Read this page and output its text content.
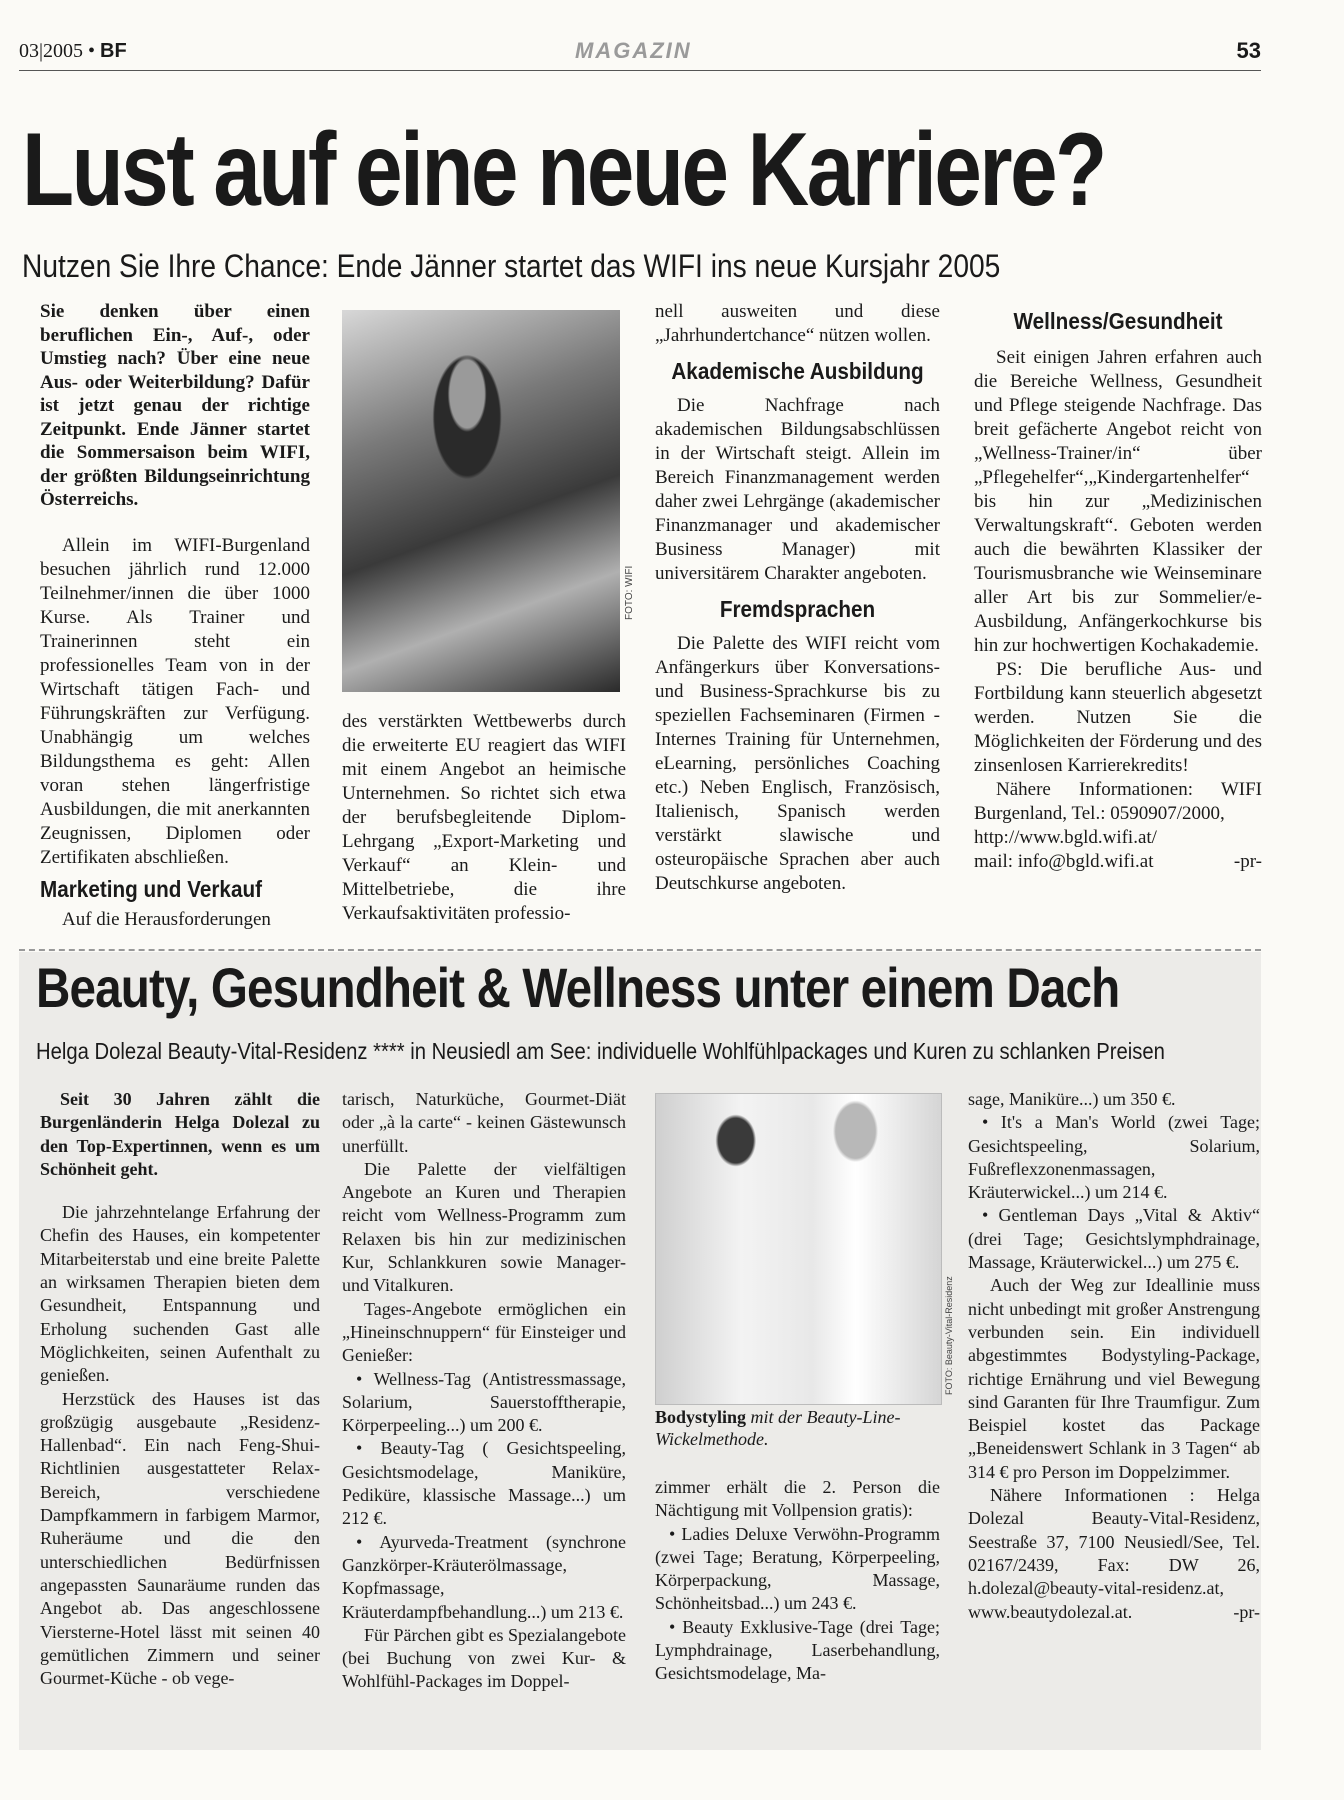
03|2005 • BF	MAGAZIN	53
Lust auf eine neue Karriere?
Nutzen Sie Ihre Chance: Ende Jänner startet das WIFI ins neue Kursjahr 2005

Sie denken über einen beruflichen Ein-, Auf-, oder Umstieg nach? Über eine neue Aus- oder Weiterbildung? Dafür ist jetzt genau der richtige Zeitpunkt. Ende Jänner startet die Sommersaison beim WIFI, der größten Bildungseinrichtung Österreichs.

Allein im WIFI-Burgenland besuchen jährlich rund 12.000 Teilnehmer/innen die über 1000 Kurse. Als Trainer und Trainerinnen steht ein professionelles Team von in der Wirtschaft tätigen Fach- und Führungskräften zur Verfügung. Unabhängig um welches Bildungsthema es geht: Allen voran stehen längerfristige Ausbildungen, die mit anerkannten Zeugnissen, Diplomen oder Zertifikaten abschließen.

Marketing und Verkauf

Auf die Herausforderungen

FOTO: WIFI

des verstärkten Wettbewerbs durch die erweiterte EU reagiert das WIFI mit einem Angebot an heimische Unternehmen. So richtet sich etwa der berufsbegleitende Diplom-Lehrgang „Export-Marketing und Verkauf“ an Klein- und Mittelbetriebe, die ihre Verkaufsaktivitäten professio-

nell ausweiten und diese „Jahrhundertchance“ nützen wollen.

Akademische Ausbildung

Die Nachfrage nach akademischen Bildungsabschlüssen in der Wirtschaft steigt. Allein im Bereich Finanzmanagement werden daher zwei Lehrgänge (akademischer Finanzmanager und akademischer Business Manager) mit universitärem Charakter angeboten.

Fremdsprachen

Die Palette des WIFI reicht vom Anfängerkurs über Konversations- und Business-Sprachkurse bis zu speziellen Fachseminaren (Firmen -Internes Training für Unternehmen, eLearning, persönliches Coaching etc.) Neben Englisch, Französisch, Italienisch, Spanisch werden verstärkt slawische und osteuropäische Sprachen aber auch Deutschkurse angeboten.

Wellness/Gesundheit

Seit einigen Jahren erfahren auch die Bereiche Wellness, Gesundheit und Pflege steigende Nachfrage. Das breit gefächerte Angebot reicht von „Wellness-Trainer/in“ über „Pflegehelfer“,„Kindergartenhelfer“ bis hin zur „Medizinischen Verwaltungskraft“. Geboten werden auch die bewährten Klassiker der Tourismusbranche wie Weinseminare aller Art bis zur Sommelier/e-Ausbildung, Anfängerkochkurse bis hin zur hochwertigen Kochakademie.

PS: Die berufliche Aus- und Fortbildung kann steuerlich abgesetzt werden. Nutzen Sie die Möglichkeiten der Förderung und des zinsenlosen Karrierekredits!

Nähere Informationen: WIFI Burgenland, Tel.: 0590907/2000,

http://www.bgld.wifi.at/

mail: info@bgld.wifi.at	-pr-

Beauty, Gesundheit & Wellness unter einem Dach
Helga Dolezal Beauty-Vital-Residenz **** in Neusiedl am See: individuelle Wohlfühlpackages und Kuren zu schlanken Preisen

Seit 30 Jahren zählt die Burgenländerin Helga Dolezal zu den Top-Expertinnen, wenn es um Schönheit geht.

Die jahrzehntelange Erfahrung der Chefin des Hauses, ein kompetenter Mitarbeiterstab und eine breite Palette an wirksamen Therapien bieten dem Gesundheit, Entspannung und Erholung suchenden Gast alle Möglichkeiten, seinen Aufenthalt zu genießen.

Herzstück des Hauses ist das großzügig ausgebaute „Residenz-Hallenbad“. Ein nach Feng-Shui-Richtlinien ausgestatteter Relax-Bereich, verschiedene Dampfkammern in farbigem Marmor, Ruheräume und die den unterschiedlichen Bedürfnissen angepassten Saunaräume runden das Angebot ab. Das angeschlossene Viersterne-Hotel lässt mit seinen 40 gemütlichen Zimmern und seiner Gourmet-Küche - ob vege-

tarisch, Naturküche, Gourmet-Diät oder „à la carte“ - keinen Gästewunsch unerfüllt.

Die Palette der vielfältigen Angebote an Kuren und Therapien reicht vom Wellness-Programm zum Relaxen bis hin zur medizinischen Kur, Schlankkuren sowie Manager- und Vitalkuren.

Tages-Angebote ermöglichen ein „Hineinschnuppern“ für Einsteiger und Genießer:

• Wellness-Tag (Antistressmassage, Solarium, Sauerstofftherapie, Körperpeeling...) um 200 €.

• Beauty-Tag ( Gesichtspeeling, Gesichtsmodelage, Maniküre, Pediküre, klassische Massage...) um 212 €.

• Ayurveda-Treatment (synchrone Ganzkörper-Kräuterölmassage, Kopfmassage, Kräuterdampfbehandlung...) um 213 €.

Für Pärchen gibt es Spezialangebote (bei Buchung von zwei Kur- & Wohlfühl-Packages im Doppel-

FOTO: Beauty-Vital-Residenz
Bodystyling mit der Beauty-Line-Wickelmethode.

zimmer erhält die 2. Person die Nächtigung mit Vollpension gratis):

• Ladies Deluxe Verwöhn-Programm (zwei Tage; Beratung, Körperpeeling, Körperpackung, Massage, Schönheitsbad...) um 243 €.

• Beauty Exklusive-Tage (drei Tage; Lymphdrainage, Laserbehandlung, Gesichtsmodelage, Ma-

sage, Maniküre...) um 350 €.

• It's a Man's World (zwei Tage; Gesichtspeeling, Solarium, Fußreflexzonenmassagen, Kräuterwickel...) um 214 €.

• Gentleman Days „Vital & Aktiv“ (drei Tage; Gesichtslymphdrainage, Massage, Kräuterwickel...) um 275 €.

Auch der Weg zur Ideallinie muss nicht unbedingt mit großer Anstrengung verbunden sein. Ein individuell abgestimmtes Bodystyling-Package, richtige Ernährung und viel Bewegung sind Garanten für Ihre Traumfigur. Zum Beispiel kostet das Package „Beneidenswert Schlank in 3 Tagen“ ab 314 € pro Person im Doppelzimmer.

Nähere Informationen : Helga Dolezal Beauty-Vital-Residenz, Seestraße 37, 7100 Neusiedl/See, Tel. 02167/2439, Fax: DW 26, h.dolezal@beauty-vital-residenz.at,

www.beautydolezal.at.	-pr-
